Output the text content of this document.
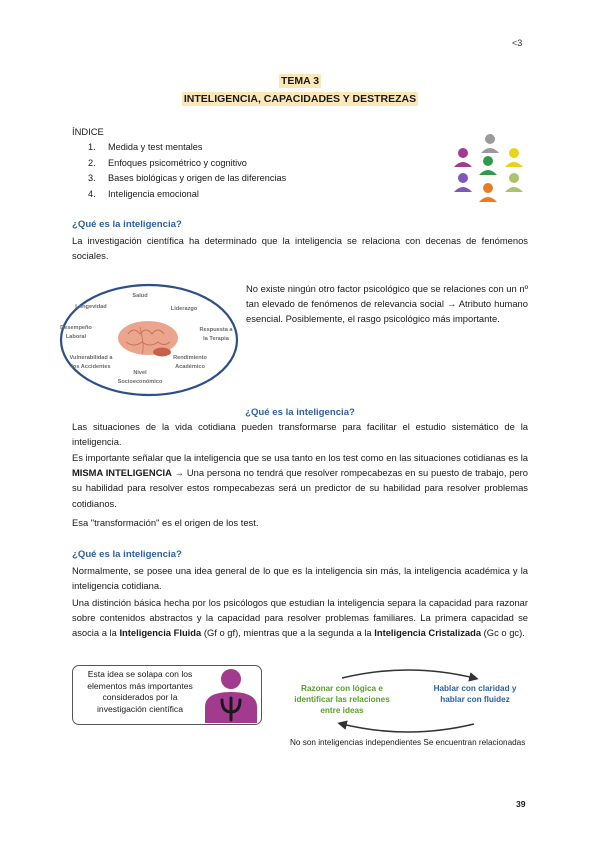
<3
TEMA 3
INTELIGENCIA, CAPACIDADES Y DESTREZAS
ÍNDICE
1. Medida y test mentales
2. Enfoques psicométrico y cognitivo
3. Bases biológicas y origen de las diferencias
4. Inteligencia emocional
¿Qué es la inteligencia?
La investigación científica ha determinado que la inteligencia se relaciona con decenas de fenómenos sociales.
Salud
Longevidad	Liderazgo
Desempeño
Laboral
Respuesta a
la Terapia
Vulnerabilidad a
los Accidentes
Rendimiento
Académico
Nivel
Socioeconómico
No existe ningún otro factor psicológico que se relaciones con un nº tan elevado de fenómenos de relevancia social → Atributo humano esencial. Posiblemente, el rasgo psicológico más importante.
¿Qué es la inteligencia?
Las situaciones de la vida cotidiana pueden transformarse para facilitar el estudio sistemático de la inteligencia.
Es importante señalar que la inteligencia que se usa tanto en los test como en las situaciones cotidianas es la MISMA INTELIGENCIA → Una persona no tendrá que resolver rompecabezas en su puesto de trabajo, pero su habilidad para resolver estos rompecabezas será un predictor de su habilidad para resolver problemas cotidianos.
Esa "transformación" es el origen de los test.
¿Qué es la inteligencia?
Normalmente, se posee una idea general de lo que es la inteligencia sin más, la inteligencia académica y la inteligencia cotidiana.
Una distinción básica hecha por los psicólogos que estudian la inteligencia separa la capacidad para razonar sobre contenidos abstractos y la capacidad para resolver problemas familiares. La primera capacidad se asocia a la Inteligencia Fluida (Gf o gf), mientras que a la segunda a la Inteligencia Cristalizada (Gc o gc).
Esta idea se solapa con los elementos más importantes considerados por la investigación científica
Razonar con lógica e identificar las relaciones entre ideas
Hablar con claridad y hablar con fluidez
No son inteligencias independientes Se encuentran relacionadas
39
